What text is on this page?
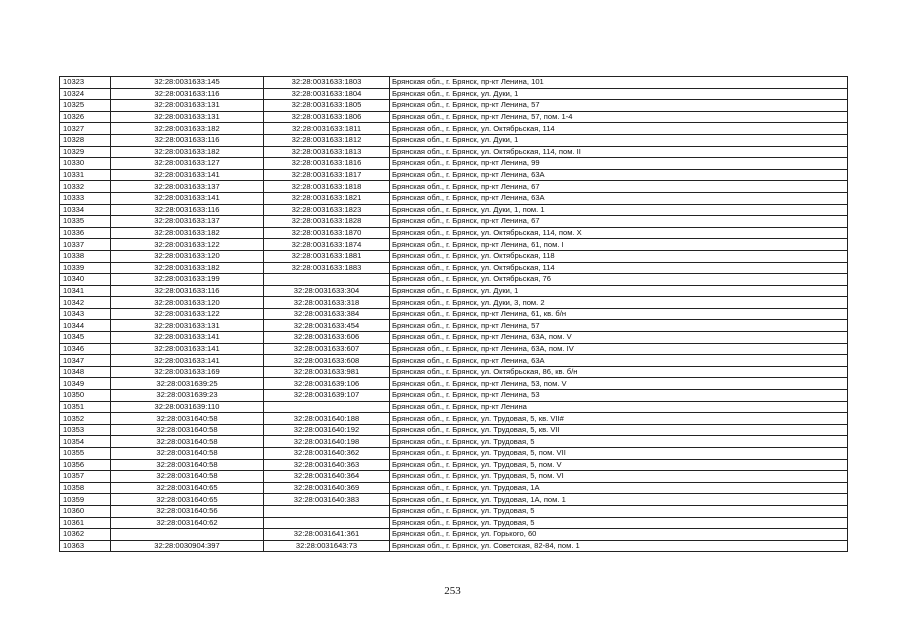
10323	32:28:0031633:145	32:28:0031633:1803	Брянская обл., г. Брянск, пр-кт Ленина, 101
10324	32:28:0031633:116	32:28:0031633:1804	Брянская обл., г. Брянск, ул. Дуки, 1
10325	32:28:0031633:131	32:28:0031633:1805	Брянская обл., г. Брянск, пр-кт Ленина, 57
10326	32:28:0031633:131	32:28:0031633:1806	Брянская обл., г. Брянск, пр-кт Ленина, 57, пом. 1-4
10327	32:28:0031633:182	32:28:0031633:1811	Брянская обл., г. Брянск, ул. Октябрьская, 114
10328	32:28:0031633:116	32:28:0031633:1812	Брянская обл., г. Брянск, ул. Дуки, 1
10329	32:28:0031633:182	32:28:0031633:1813	Брянская обл., г. Брянск, ул. Октябрьская, 114, пом. II
10330	32:28:0031633:127	32:28:0031633:1816	Брянская обл., г. Брянск, пр-кт Ленина, 99
10331	32:28:0031633:141	32:28:0031633:1817	Брянская обл., г. Брянск, пр-кт Ленина, 63А
10332	32:28:0031633:137	32:28:0031633:1818	Брянская обл., г. Брянск, пр-кт Ленина, 67
10333	32:28:0031633:141	32:28:0031633:1821	Брянская обл., г. Брянск, пр-кт Ленина, 63А
10334	32:28:0031633:116	32:28:0031633:1823	Брянская обл., г. Брянск, ул. Дуки, 1, пом. 1
10335	32:28:0031633:137	32:28:0031633:1828	Брянская обл., г. Брянск, пр-кт Ленина, 67
10336	32:28:0031633:182	32:28:0031633:1870	Брянская обл., г. Брянск, ул. Октябрьская, 114, пом. X
10337	32:28:0031633:122	32:28:0031633:1874	Брянская обл., г. Брянск, пр-кт Ленина, 61, пом. I
10338	32:28:0031633:120	32:28:0031633:1881	Брянская обл., г. Брянск, ул. Октябрьская, 118
10339	32:28:0031633:182	32:28:0031633:1883	Брянская обл., г. Брянск, ул. Октябрьская, 114
10340	32:28:0031633:199		Брянская обл., г. Брянск, ул. Октябрьская, 76
10341	32:28:0031633:116	32:28:0031633:304	Брянская обл., г. Брянск, ул. Дуки, 1
10342	32:28:0031633:120	32:28:0031633:318	Брянская обл., г. Брянск, ул. Дуки, 3, пом. 2
10343	32:28:0031633:122	32:28:0031633:384	Брянская обл., г. Брянск, пр-кт Ленина, 61, кв. б/н
10344	32:28:0031633:131	32:28:0031633:454	Брянская обл., г. Брянск, пр-кт Ленина, 57
10345	32:28:0031633:141	32:28:0031633:606	Брянская обл., г. Брянск, пр-кт Ленина, 63А, пом. V
10346	32:28:0031633:141	32:28:0031633:607	Брянская обл., г. Брянск, пр-кт Ленина, 63А, пом. IV
10347	32:28:0031633:141	32:28:0031633:608	Брянская обл., г. Брянск, пр-кт Ленина, 63А
10348	32:28:0031633:169	32:28:0031633:981	Брянская обл., г. Брянск, ул. Октябрьская, 86, кв. б/н
10349	32:28:0031639:25	32:28:0031639:106	Брянская обл., г. Брянск, пр-кт Ленина, 53, пом. V
10350	32:28:0031639:23	32:28:0031639:107	Брянская обл., г. Брянск, пр-кт Ленина, 53
10351	32:28:0031639:110		Брянская обл., г. Брянск, пр-кт Ленина
10352	32:28:0031640:58	32:28:0031640:188	Брянская обл., г. Брянск, ул. Трудовая, 5, кв. VII#
10353	32:28:0031640:58	32:28:0031640:192	Брянская обл., г. Брянск, ул. Трудовая, 5, кв. VII
10354	32:28:0031640:58	32:28:0031640:198	Брянская обл., г. Брянск, ул. Трудовая, 5
10355	32:28:0031640:58	32:28:0031640:362	Брянская обл., г. Брянск, ул. Трудовая, 5, пом. VII
10356	32:28:0031640:58	32:28:0031640:363	Брянская обл., г. Брянск, ул. Трудовая, 5, пом. V
10357	32:28:0031640:58	32:28:0031640:364	Брянская обл., г. Брянск, ул. Трудовая, 5, пом. VI
10358	32:28:0031640:65	32:28:0031640:369	Брянская обл., г. Брянск, ул. Трудовая, 1А
10359	32:28:0031640:65	32:28:0031640:383	Брянская обл., г. Брянск, ул. Трудовая, 1А, пом. 1
10360	32:28:0031640:56		Брянская обл., г. Брянск, ул. Трудовая, 5
10361	32:28:0031640:62		Брянская обл., г. Брянск, ул. Трудовая, 5
10362		32:28:0031641:361	Брянская обл., г. Брянск, ул. Горького, 60
10363	32:28:0030904:397	32:28:0031643:73	Брянская обл., г. Брянск, ул. Советская, 82-84, пом. 1
253
